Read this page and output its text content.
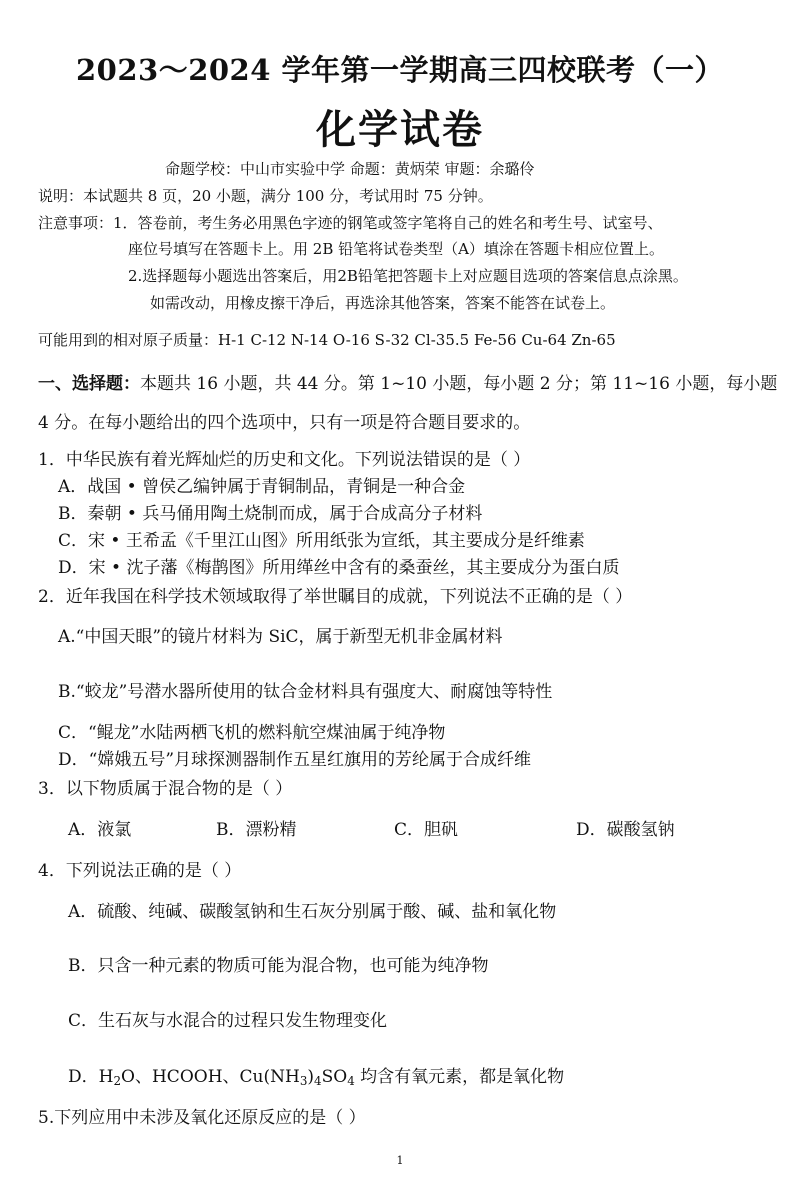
2023～2024 学年第一学期高三四校联考（一）
化学试卷
命题学校：中山市实验中学 命题：黄炳荣 审题：余璐伶
说明：本试题共 8 页，20 小题，满分 100 分，考试用时 75 分钟。
注意事项：1．答卷前，考生务必用黑色字迹的钢笔或签字笔将自己的姓名和考生号、试室号、
座位号填写在答题卡上。用 2B 铅笔将试卷类型（A）填涂在答题卡相应位置上。
2.选择题每小题选出答案后，用2B铅笔把答题卡上对应题目选项的答案信息点涂黑。
如需改动，用橡皮擦干净后，再选涂其他答案，答案不能答在试卷上。
可能用到的相对原子质量：H-1 C-12 N-14 O-16 S-32 Cl-35.5 Fe-56 Cu-64 Zn-65
一、选择题：本题共 16 小题，共 44 分。第 1~10 小题，每小题 2 分；第 11~16 小题，每小题
4 分。在每小题给出的四个选项中，只有一项是符合题目要求的。
1．中华民族有着光辉灿烂的历史和文化。下列说法错误的是（ ）
A．战国 • 曾侯乙编钟属于青铜制品，青铜是一种合金
B．秦朝 • 兵马俑用陶土烧制而成，属于合成高分子材料
C．宋 • 王希孟《千里江山图》所用纸张为宣纸，其主要成分是纤维素
D．宋 • 沈子藩《梅鹊图》所用缂丝中含有的桑蚕丝，其主要成分为蛋白质
2．近年我国在科学技术领域取得了举世瞩目的成就，下列说法不正确的是（ ）
A.“中国天眼”的镜片材料为 SiC，属于新型无机非金属材料
B.“蛟龙”号潜水器所使用的钛合金材料具有强度大、耐腐蚀等特性
C．“鲲龙”水陆两栖飞机的燃料航空煤油属于纯净物
D．“嫦娥五号”月球探测器制作五星红旗用的芳纶属于合成纤维
3．以下物质属于混合物的是（ ）
A．液氯	B．漂粉精	C．胆矾	D．碳酸氢钠
4．下列说法正确的是（ ）
A．硫酸、纯碱、碳酸氢钠和生石灰分别属于酸、碱、盐和氧化物
B．只含一种元素的物质可能为混合物，也可能为纯净物
C．生石灰与水混合的过程只发生物理变化
D．$H_2O$、HCOOH、$Cu(NH_3)_4SO_4$ 均含有氧元素，都是氧化物
5.下列应用中未涉及氧化还原反应的是（ ）
1
